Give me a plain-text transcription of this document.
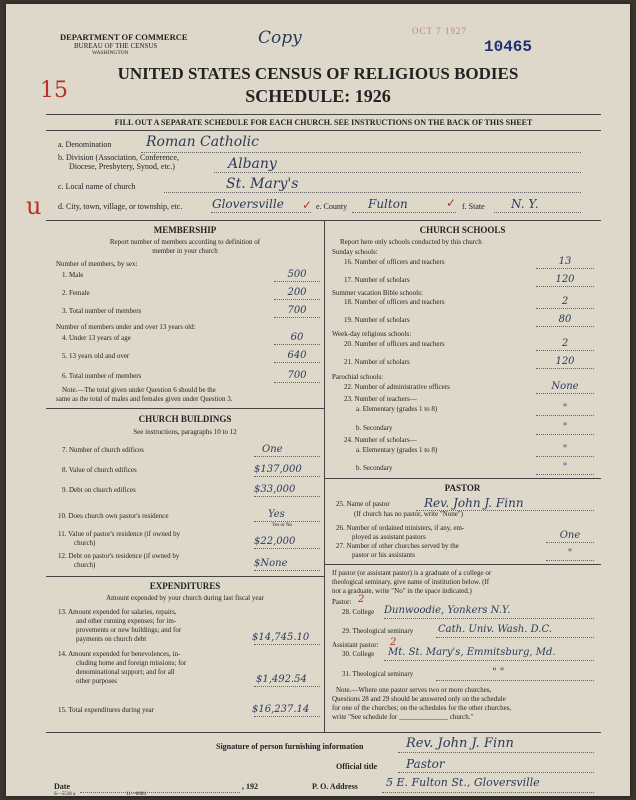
DEPARTMENT OF COMMERCE
BUREAU OF THE CENSUS
WASHINGTON
Copy	OCT 7 1927
10465
15
UNITED STATES CENSUS OF RELIGIOUS BODIES
SCHEDULE: 1926
FILL OUT A SEPARATE SCHEDULE FOR EACH CHURCH. SEE INSTRUCTIONS ON THE BACK OF THIS SHEET
a. Denomination Roman Catholic
b. Division (Association, Conference,
Diocese, Presbytery, Synod, etc.)	Albany
c. Local name of church	St. Mary's
u d. City, town, village, or township, etc. Gloversville ✓ e. County Fulton	✓ f. State N. Y.
MEMBERSHIP
Report number of members according to definition of
member in your church
Number of members, by sex:
1. Male	500
2. Female	200
3. Total number of members	700
Number of members under and over 13 years old:
4. Under 13 years of age	60
5. 13 years old and over	640
6. Total number of members	700
Note.—The total given under Question 6 should be the
same as the total of males and females given under Question 3.
CHURCH BUILDINGS
See instructions, paragraphs 10 to 12
7. Number of church edifices	One
8. Value of church edifices	$137,000
9. Debt on church edifices	$33,000
10. Does church own pastor's residence	Yes
Yes or No
11. Value of pastor's residence (if owned by
church)	$22,000
12. Debt on pastor's residence (if owned by
church)	$None
EXPENDITURES
Amount expended by your church during last fiscal year
13. Amount expended for salaries, repairs,
and other running expenses; for im-
provements or new buildings; and for
payments on church debt	$14,745.10
14. Amount expended for benevolences, in-
cluding home and foreign missions; for
denominational support; and for all
other purposes	$1,492.54
15. Total expenditures during year	$16,237.14
CHURCH SCHOOLS
Report here only schools conducted by this church
Sunday schools:
16. Number of officers and teachers	13
17. Number of scholars	120
Summer vacation Bible schools:
18. Number of officers and teachers	2
19. Number of scholars	80
Week-day religious schools:
20. Number of officers and teachers	2
21. Number of scholars	120
Parochial schools:
22. Number of administrative officers	None
23. Number of teachers—
a. Elementary (grades 1 to 8)	"
b. Secondary	"
24. Number of scholars—
a. Elementary (grades 1 to 8)	"
b. Secondary	"
PASTOR
25. Name of pastor	Rev. John J. Finn
(If church has no pastor, write "None")
26. Number of ordained ministers, if any, em-
ployed as assistant pastors	One
27. Number of other churches served by the
pastor or his assistants	"
If pastor (or assistant pastor) is a graduate of a college or
theological seminary, give name of institution below. (If
not a graduate, write "No" in the space indicated.)
Pastor: 2
28. College Dunwoodie, Yonkers N.Y.
29. Theological seminary Cath. Univ. Wash. D.C.
Assistant pastor: 2
30. College Mt. St. Mary's, Emmitsburg, Md.
31. Theological seminary	" "
Note.—Where one pastor serves two or more churches,
Questions 28 and 29 should be answered only on the schedule
for one of the churches; on the schedules for the other churches,
write "See schedule for ______________ church."
Signature of person furnishing information	Rev. John J. Finn
Official title Pastor
Date	, 192
S—5518 a	11—8084
P. O. Address	5 E. Fulton St., Gloversville
